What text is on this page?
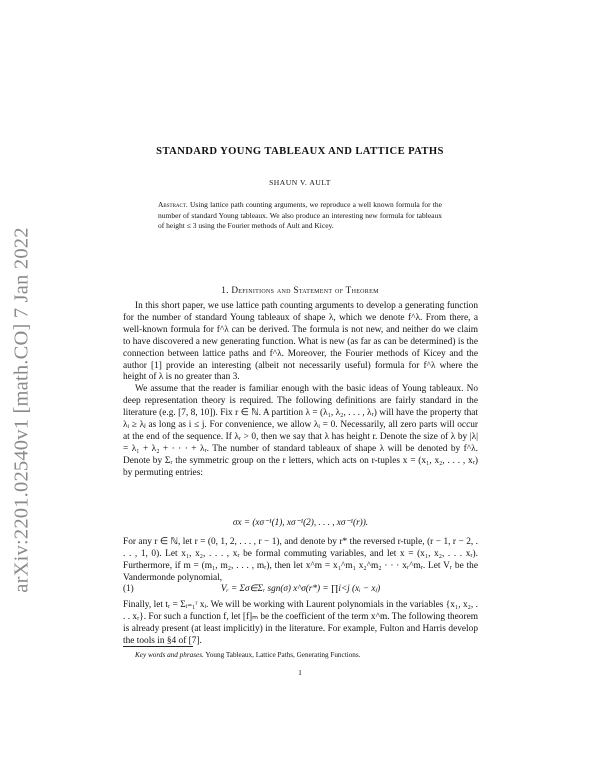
arXiv:2201.02540v1 [math.CO] 7 Jan 2022
STANDARD YOUNG TABLEAUX AND LATTICE PATHS
SHAUN V. AULT
Abstract. Using lattice path counting arguments, we reproduce a well known formula for the number of standard Young tableaux. We also produce an interesting new formula for tableaux of height ≤ 3 using the Fourier methods of Ault and Kicey.
1. Definitions and Statement of Theorem

In this short paper, we use lattice path counting arguments to develop a generating function for the number of standard Young tableaux of shape λ, which we denote f^λ. From there, a well-known formula for f^λ can be derived. The formula is not new, and neither do we claim to have discovered a new generating function. What is new (as far as can be determined) is the connection between lattice paths and f^λ. Moreover, the Fourier methods of Kicey and the author [1] provide an interesting (albeit not necessarily useful) formula for f^λ where the height of λ is no greater than 3.

We assume that the reader is familiar enough with the basic ideas of Young tableaux. No deep representation theory is required. The following definitions are fairly standard in the literature (e.g. [7, 8, 10]). Fix r ∈ ℕ. A partition λ = (λ₁, λ₂, . . . , λᵣ) will have the property that λᵢ ≥ λⱼ as long as i ≤ j. For convenience, we allow λᵢ = 0. Necessarily, all zero parts will occur at the end of the sequence. If λᵣ > 0, then we say that λ has height r. Denote the size of λ by |λ| = λ₁ + λ₂ + · · · + λᵣ. The number of standard tableaux of shape λ will be denoted by f^λ. Denote by Σᵣ the symmetric group on the r letters, which acts on r-tuples x = (x₁, x₂, . . . , xᵣ) by permuting entries:

σx = (xσ⁻¹(1), xσ⁻¹(2), . . . , xσ⁻¹(r)).

For any r ∈ ℕ, let r = (0, 1, 2, . . . , r − 1), and denote by r* the reversed r-tuple, (r − 1, r − 2, . . . , 1, 0). Let x₁, x₂, . . . , xᵣ be formal commuting variables, and let x = (x₁, x₂, . . . xᵣ). Furthermore, if m = (m₁, m₂, . . . , mᵣ), then let x^m = x₁^m₁ x₂^m₂ · · · xᵣ^mᵣ. Let Vᵣ be the Vandermonde polynomial,

(1)	Vᵣ = Σσ∈Σᵣ sgn(σ) x^σ(r*) = ∏i<j (xᵢ − xⱼ)

Finally, let tᵣ = Σᵢ₌₁ʳ xᵢ. We will be working with Laurent polynomials in the variables {x₁, x₂, . . . xᵣ}. For such a function f, let [f]ₘ be the coefficient of the term x^m. The following theorem is already present (at least implicitly) in the literature. For example, Fulton and Harris develop the tools in §4 of [7].

Key words and phrases. Young Tableaux, Lattice Paths, Generating Functions.
1
